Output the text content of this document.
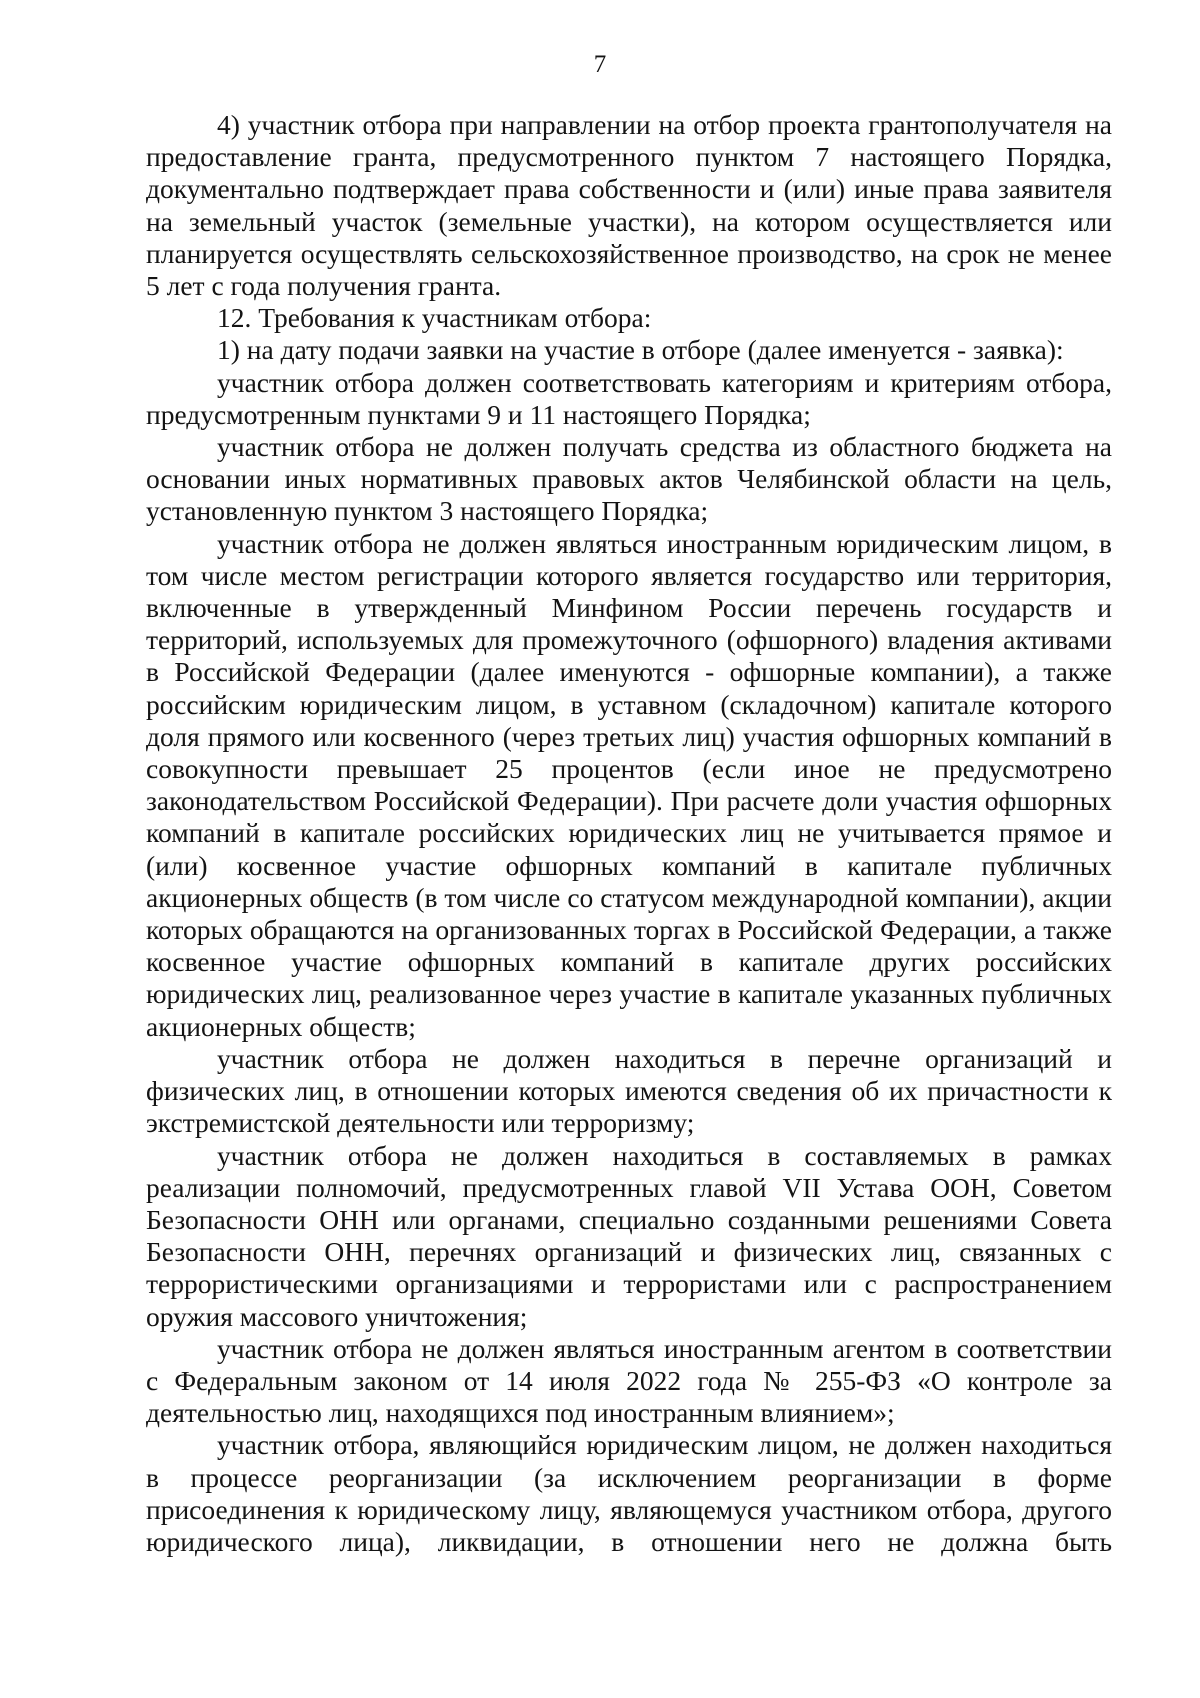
7

4) участник отбора при направлении на отбор проекта грантополучателя на предоставление гранта, предусмотренного пунктом 7 настоящего Порядка, документально подтверждает права собственности и (или) иные права заявителя на земельный участок (земельные участки), на котором осуществляется или планируется осуществлять сельскохозяйственное производство, на срок не менее 5 лет с года получения гранта.

12. Требования к участникам отбора:

1) на дату подачи заявки на участие в отборе (далее именуется - заявка):

участник отбора должен соответствовать категориям и критериям отбора, предусмотренным пунктами 9 и 11 настоящего Порядка;

участник отбора не должен получать средства из областного бюджета на основании иных нормативных правовых актов Челябинской области на цель, установленную пунктом 3 настоящего Порядка;

участник отбора не должен являться иностранным юридическим лицом, в том числе местом регистрации которого является государство или территория, включенные в утвержденный Минфином России перечень государств и территорий, используемых для промежуточного (офшорного) владения активами в Российской Федерации (далее именуются - офшорные компании), а также российским юридическим лицом, в уставном (складочном) капитале которого доля прямого или косвенного (через третьих лиц) участия офшорных компаний в совокупности превышает 25 процентов (если иное не предусмотрено законодательством Российской Федерации). При расчете доли участия офшорных компаний в капитале российских юридических лиц не учитывается прямое и (или) косвенное участие офшорных компаний в капитале публичных акционерных обществ (в том числе со статусом международной компании), акции которых обращаются на организованных торгах в Российской Федерации, а также косвенное участие офшорных компаний в капитале других российских юридических лиц, реализованное через участие в капитале указанных публичных акционерных обществ;

участник отбора не должен находиться в перечне организаций и физических лиц, в отношении которых имеются сведения об их причастности к экстремистской деятельности или терроризму;

участник отбора не должен находиться в составляемых в рамках реализации полномочий, предусмотренных главой VII Устава ООН, Советом Безопасности ОНН или органами, специально созданными решениями Совета Безопасности ОНН, перечнях организаций и физических лиц, связанных с террористическими организациями и террористами или с распространением оружия массового уничтожения;

участник отбора не должен являться иностранным агентом в соответствии с Федеральным законом от 14 июля 2022 года № 255-ФЗ «О контроле за деятельностью лиц, находящихся под иностранным влиянием»;

участник отбора, являющийся юридическим лицом, не должен находиться в процессе реорганизации (за исключением реорганизации в форме присоединения к юридическому лицу, являющемуся участником отбора, другого юридического лица), ликвидации, в отношении него не должна быть
